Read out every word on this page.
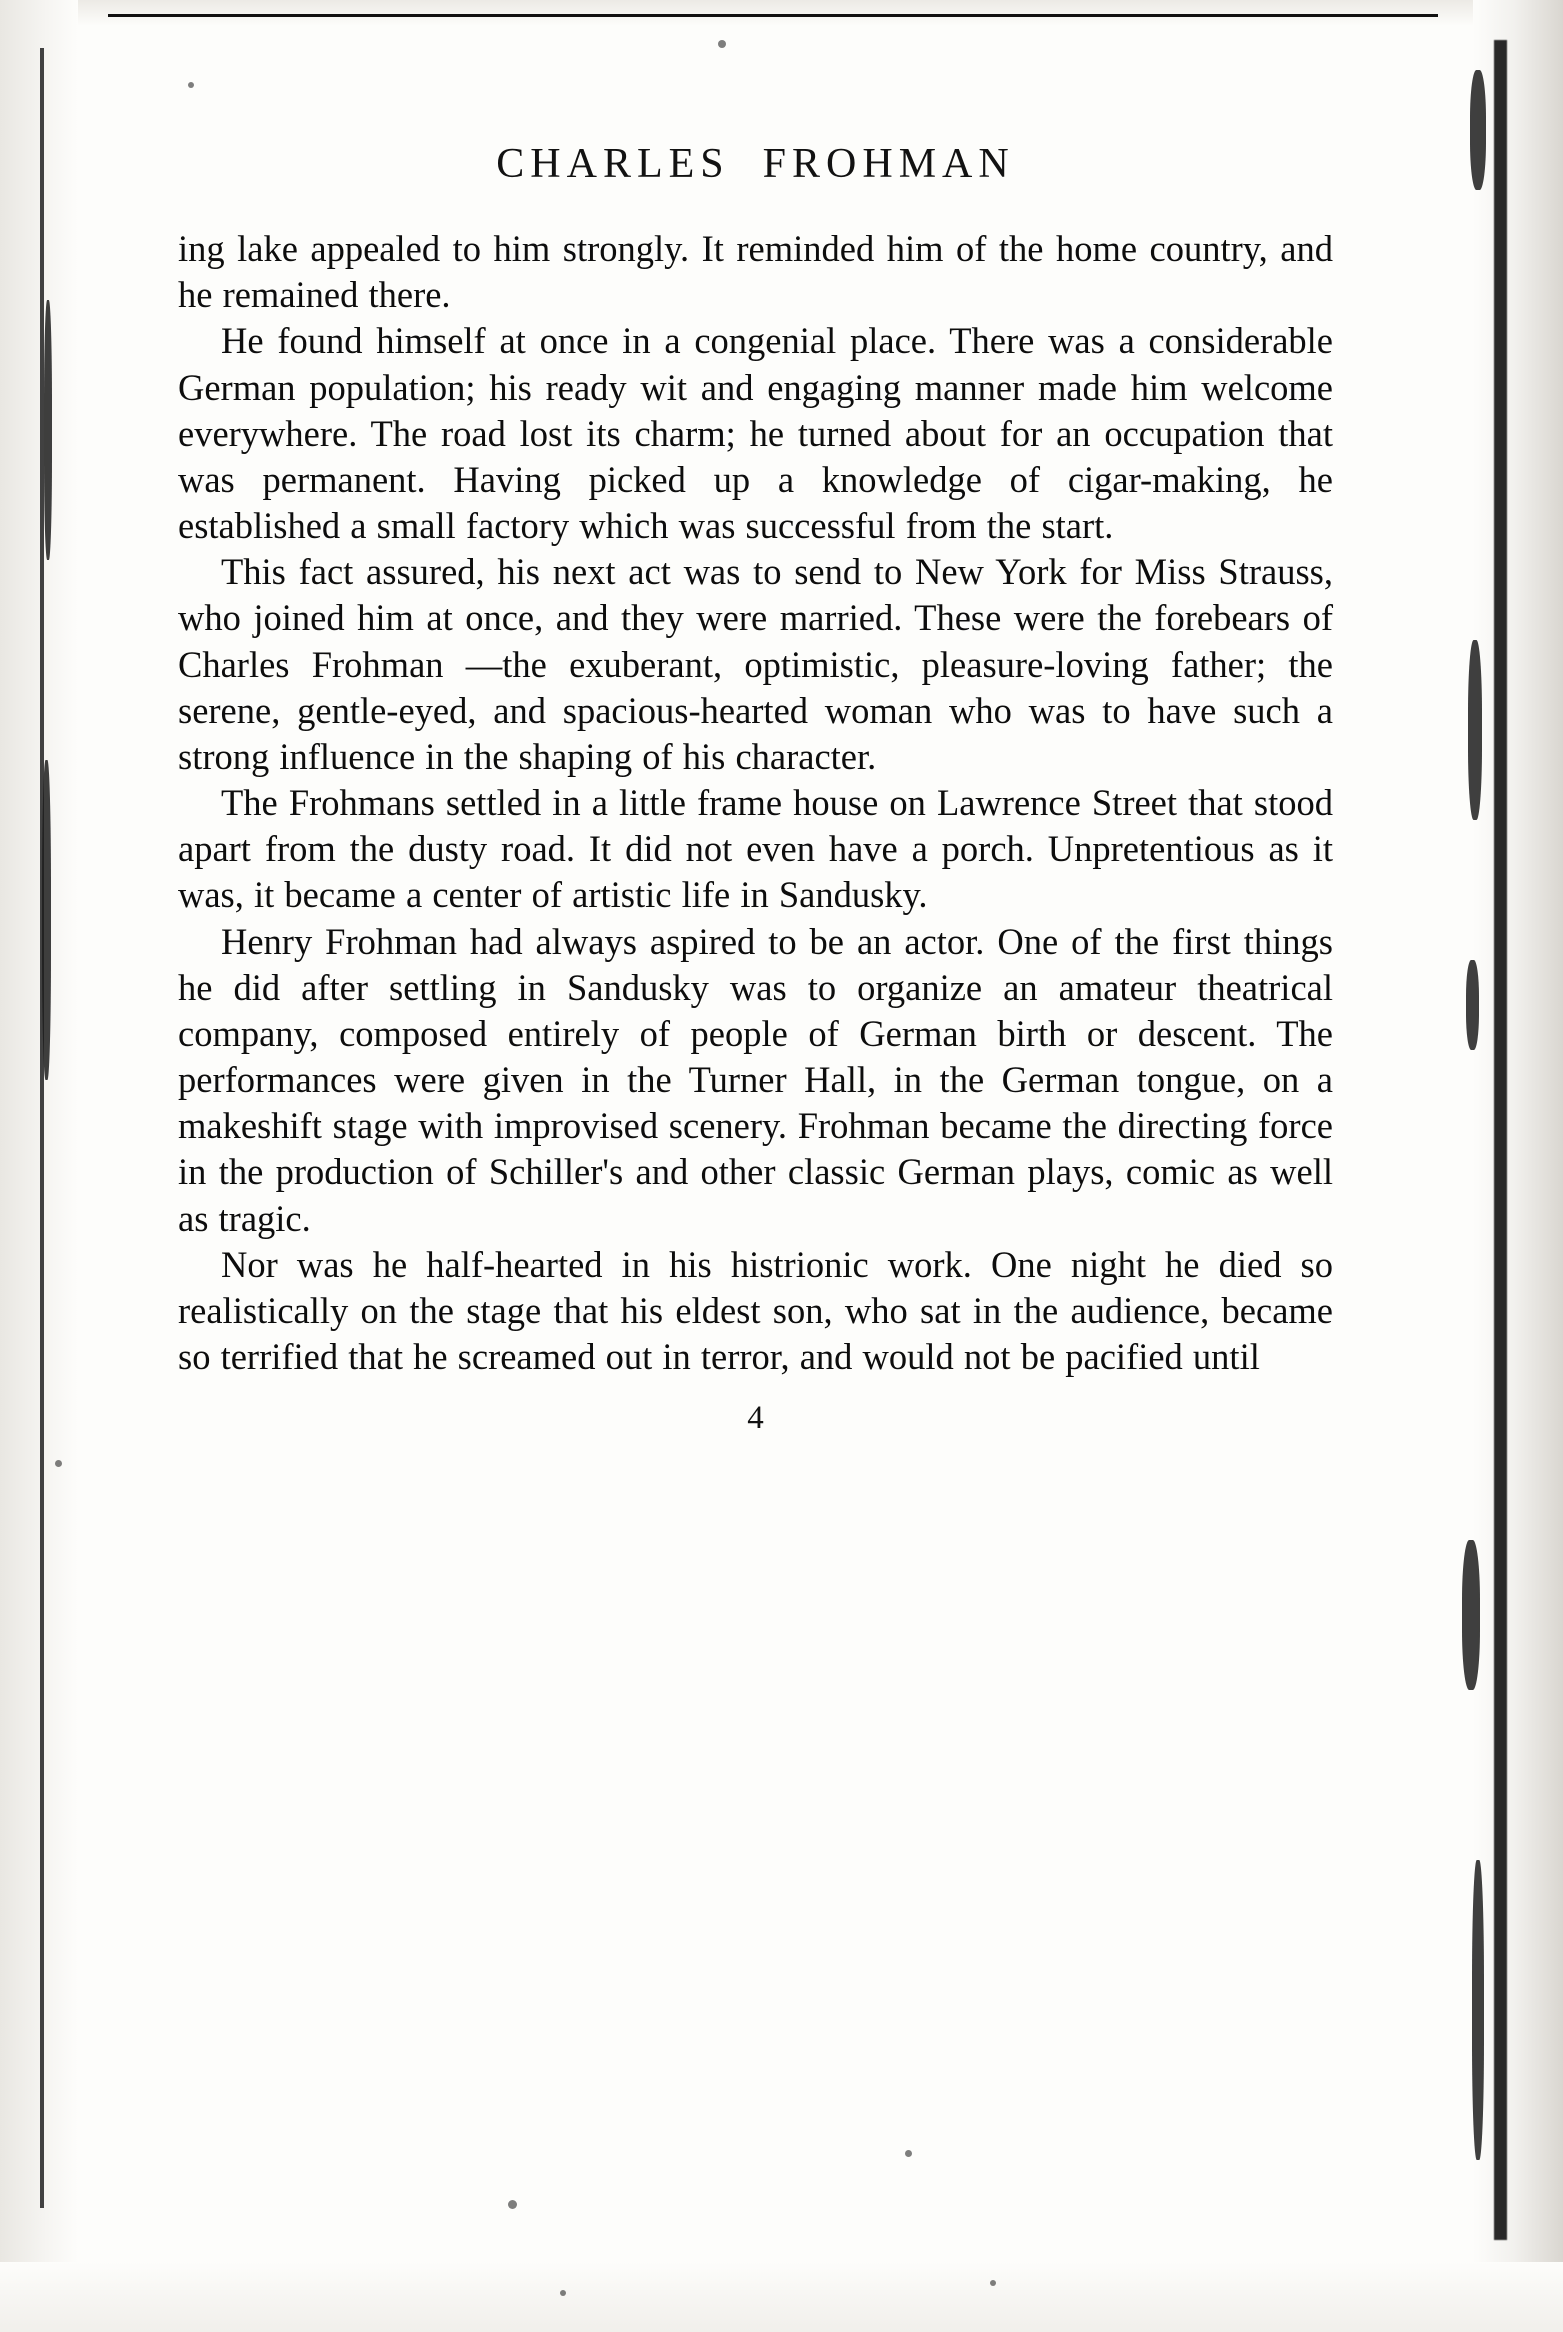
CHARLES  FROHMAN

ing lake appealed to him strongly. It reminded him of the home country, and he remained there.

He found himself at once in a congenial place. There was a considerable German population; his ready wit and engaging manner made him welcome everywhere. The road lost its charm; he turned about for an occupation that was permanent. Having picked up a knowledge of cigar-making, he established a small factory which was successful from the start.

This fact assured, his next act was to send to New York for Miss Strauss, who joined him at once, and they were married. These were the forebears of Charles Frohman —the exuberant, optimistic, pleasure-loving father; the serene, gentle-eyed, and spacious-hearted woman who was to have such a strong influence in the shaping of his character.

The Frohmans settled in a little frame house on Lawrence Street that stood apart from the dusty road. It did not even have a porch. Unpretentious as it was, it became a center of artistic life in Sandusky.

Henry Frohman had always aspired to be an actor. One of the first things he did after settling in Sandusky was to organize an amateur theatrical company, composed entirely of people of German birth or descent. The performances were given in the Turner Hall, in the German tongue, on a makeshift stage with improvised scenery. Frohman became the directing force in the production of Schiller's and other classic German plays, comic as well as tragic.

Nor was he half-hearted in his histrionic work. One night he died so realistically on the stage that his eldest son, who sat in the audience, became so terrified that he screamed out in terror, and would not be pacified until

4
